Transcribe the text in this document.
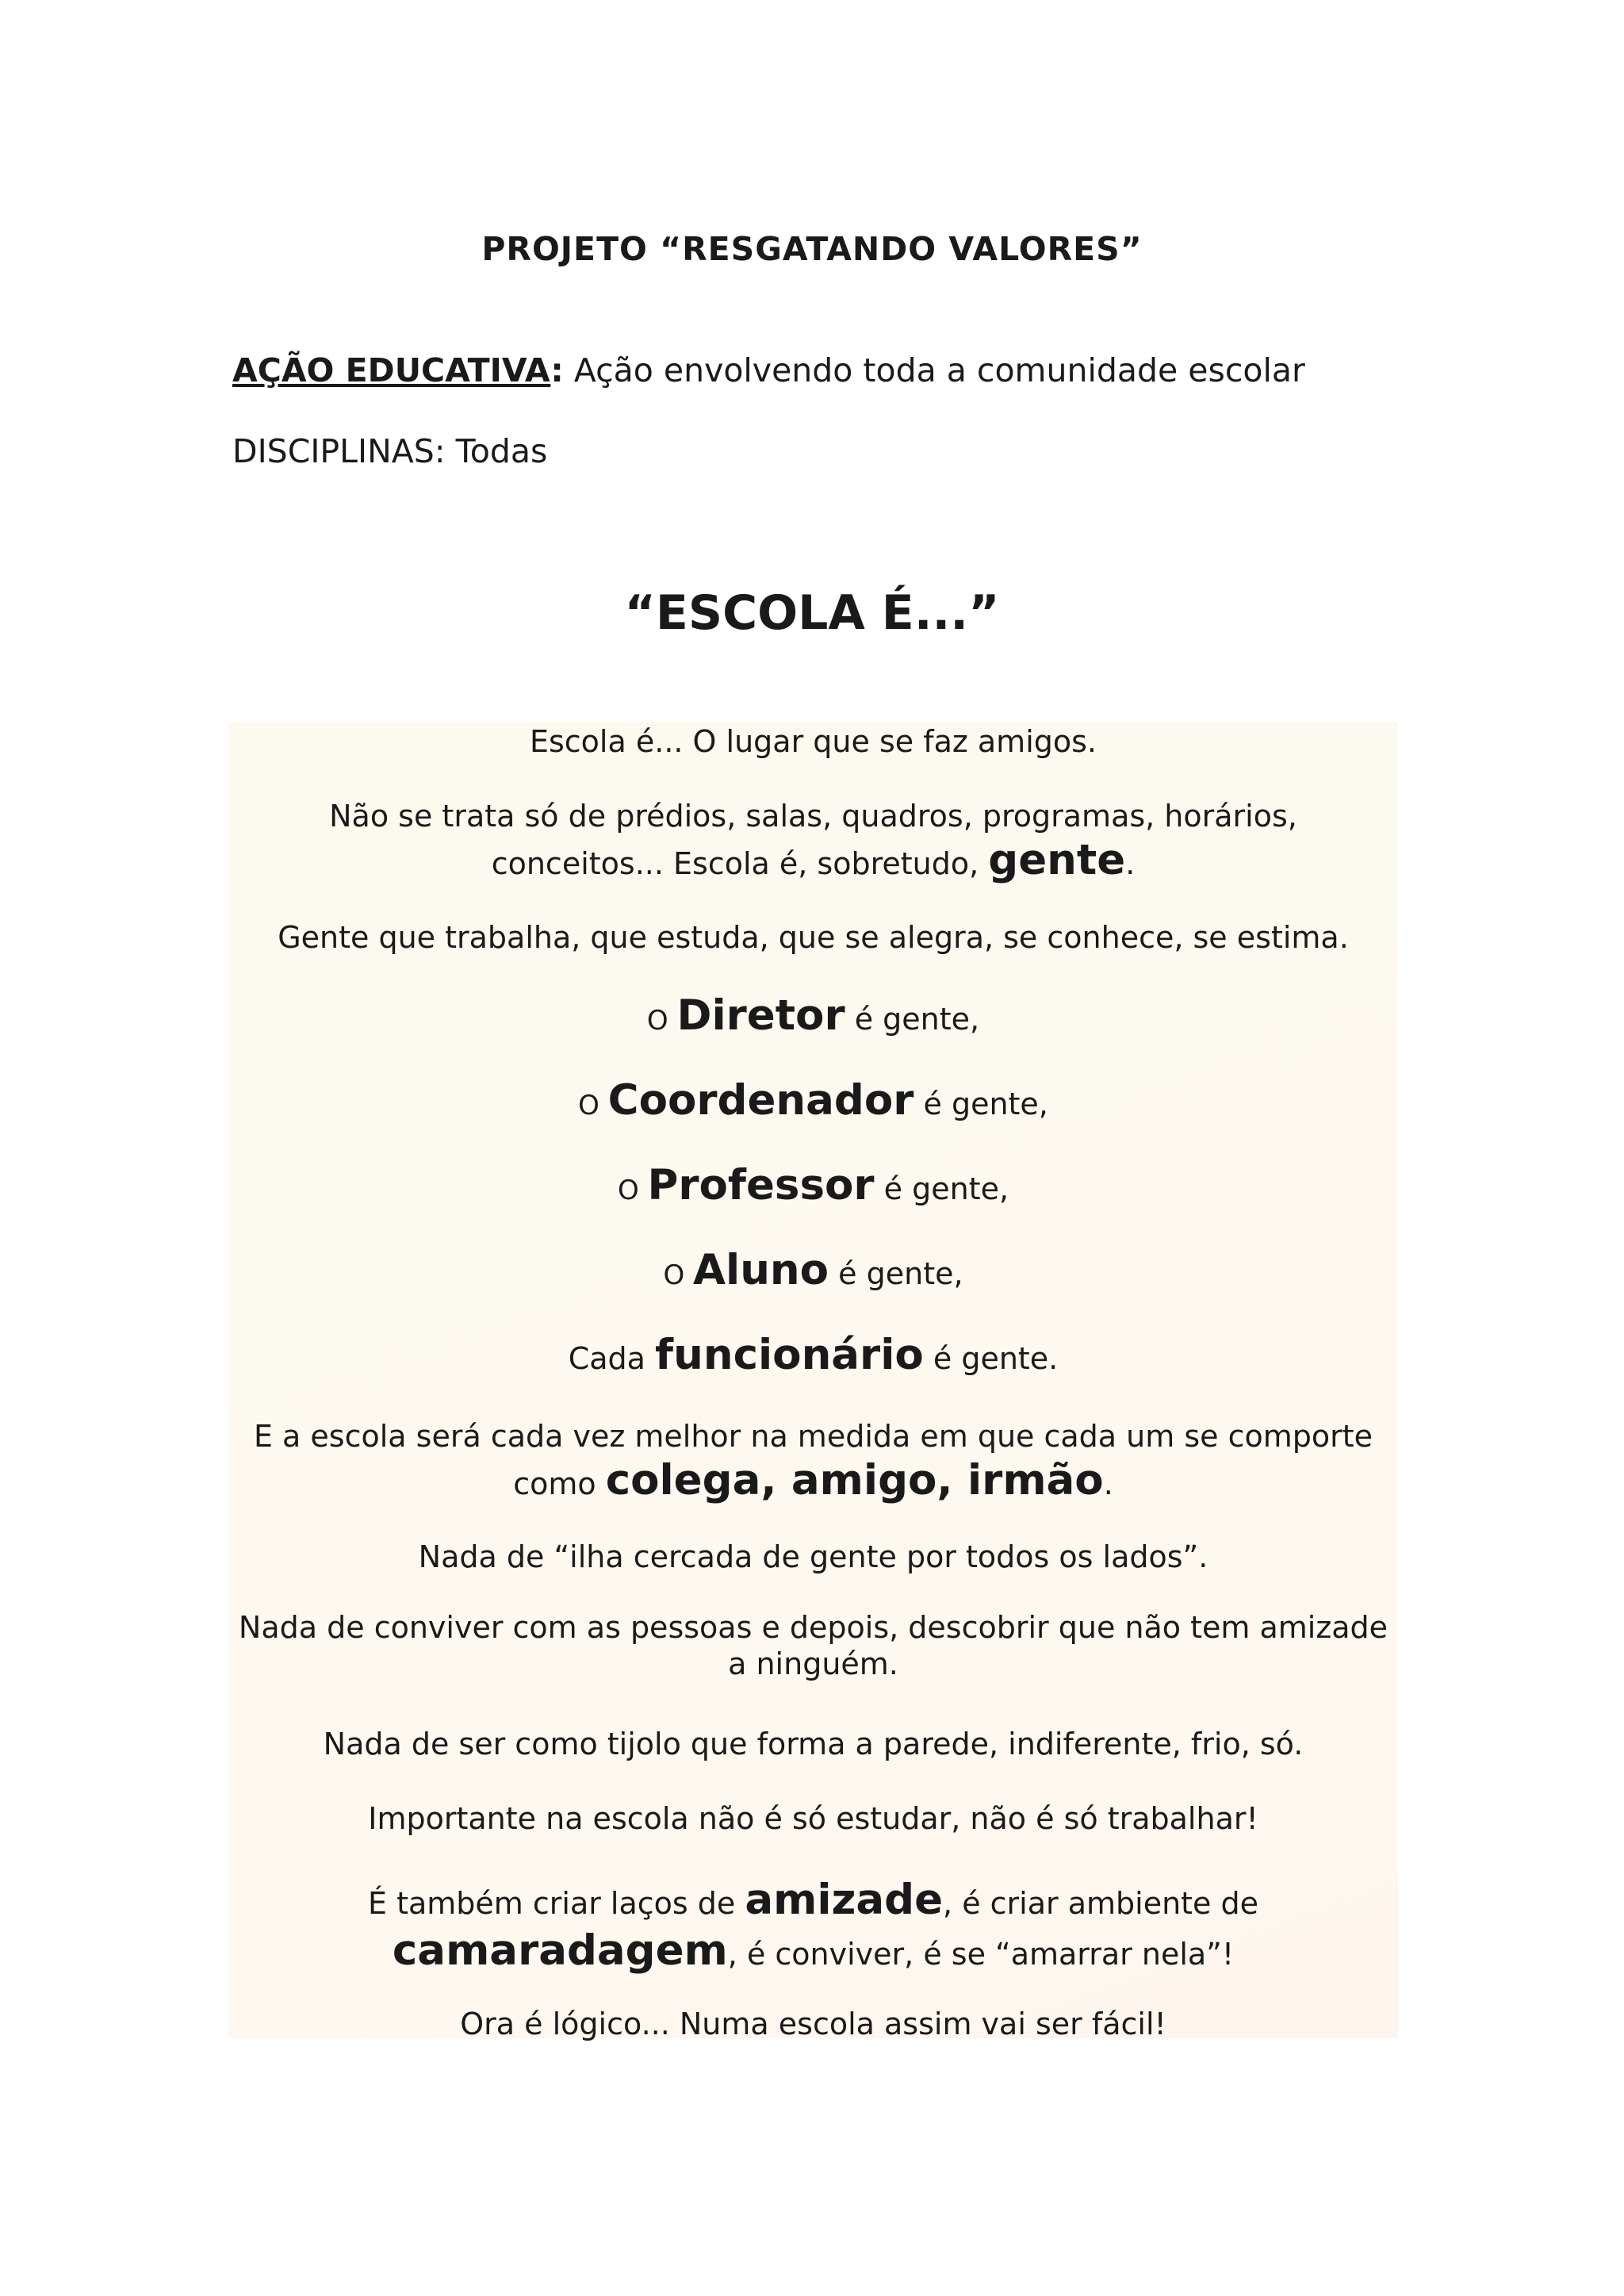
PROJETO “RESGATANDO VALORES”
AÇÃO EDUCATIVA: Ação envolvendo toda a comunidade escolar
DISCIPLINAS: Todas
“ESCOLA É...”
Escola é... O lugar que se faz amigos.
Não se trata só de prédios, salas, quadros, programas, horários,
conceitos... Escola é, sobretudo, gente.
Gente que trabalha, que estuda, que se alegra, se conhece, se estima.
O Diretor é gente,
O Coordenador é gente,
O Professor é gente,
O Aluno é gente,
Cada funcionário é gente.
E a escola será cada vez melhor na medida em que cada um se comporte
como colega, amigo, irmão.
Nada de “ilha cercada de gente por todos os lados”.
Nada de conviver com as pessoas e depois, descobrir que não tem amizade
a ninguém.
Nada de ser como tijolo que forma a parede, indiferente, frio, só.
Importante na escola não é só estudar, não é só trabalhar!
É também criar laços de amizade, é criar ambiente de
camaradagem, é conviver, é se “amarrar nela”!
Ora é lógico... Numa escola assim vai ser fácil!
